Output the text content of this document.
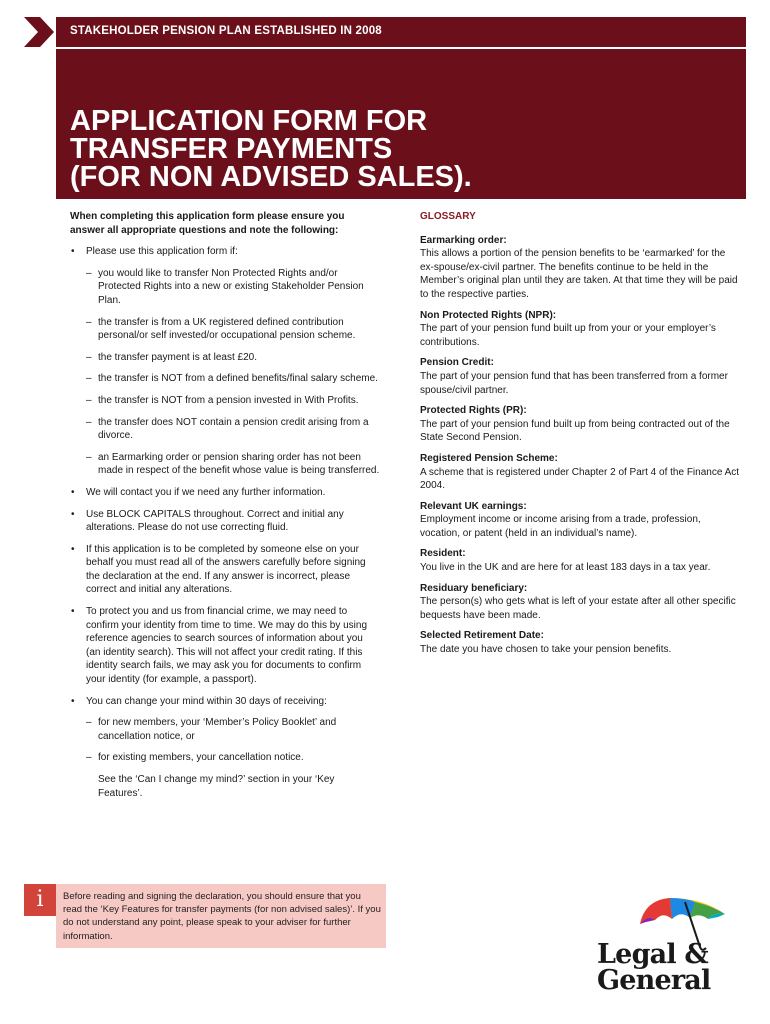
STAKEHOLDER PENSION PLAN ESTABLISHED IN 2008
APPLICATION FORM FOR
TRANSFER PAYMENTS
(FOR NON ADVISED SALES).

When completing this application form please ensure you answer all appropriate questions and note the following:

• Please use this application form if:

– you would like to transfer Non Protected Rights and/or Protected Rights into a new or existing Stakeholder Pension Plan.

– the transfer is from a UK registered defined contribution personal/or self invested/or occupational pension scheme.

– the transfer payment is at least £20.

– the transfer is NOT from a defined benefits/final salary scheme.

– the transfer is NOT from a pension invested in With Profits.

– the transfer does NOT contain a pension credit arising from a divorce.

– an Earmarking order or pension sharing order has not been made in respect of the benefit whose value is being transferred.

• We will contact you if we need any further information.

• Use BLOCK CAPITALS throughout. Correct and initial any alterations. Please do not use correcting fluid.

• If this application is to be completed by someone else on your behalf you must read all of the answers carefully before signing the declaration at the end. If any answer is incorrect, please correct and initial any alterations.

• To protect you and us from financial crime, we may need to confirm your identity from time to time. We may do this by using reference agencies to search sources of information about you (an identity search). This will not affect your credit rating. If this identity search fails, we may ask you for documents to confirm your identity (for example, a passport).

• You can change your mind within 30 days of receiving:

– for new members, your ‘Member’s Policy Booklet’ and cancellation notice, or

– for existing members, your cancellation notice.

See the ‘Can I change my mind?’ section in your ‘Key Features’.

GLOSSARY

Earmarking order:
This allows a portion of the pension benefits to be ‘earmarked’ for the ex-spouse/ex-civil partner. The benefits continue to be held in the Member’s original plan until they are taken. At that time they will be paid to the respective parties.

Non Protected Rights (NPR):
The part of your pension fund built up from your or your employer’s contributions.

Pension Credit:
The part of your pension fund that has been transferred from a former spouse/civil partner.

Protected Rights (PR):
The part of your pension fund built up from being contracted out of the State Second Pension.

Registered Pension Scheme:
A scheme that is registered under Chapter 2 of Part 4 of the Finance Act 2004.

Relevant UK earnings:
Employment income or income arising from a trade, profession, vocation, or patent (held in an individual’s name).

Resident:
You live in the UK and are here for at least 183 days in a tax year.

Residuary beneficiary:
The person(s) who gets what is left of your estate after all other specific bequests have been made.

Selected Retirement Date:
The date you have chosen to take your pension benefits.

i	Before reading and signing the declaration, you should ensure that you read the ‘Key Features for transfer payments (for non advised sales)’. If you do not understand any point, please speak to your adviser for further information.
Legal &
General
